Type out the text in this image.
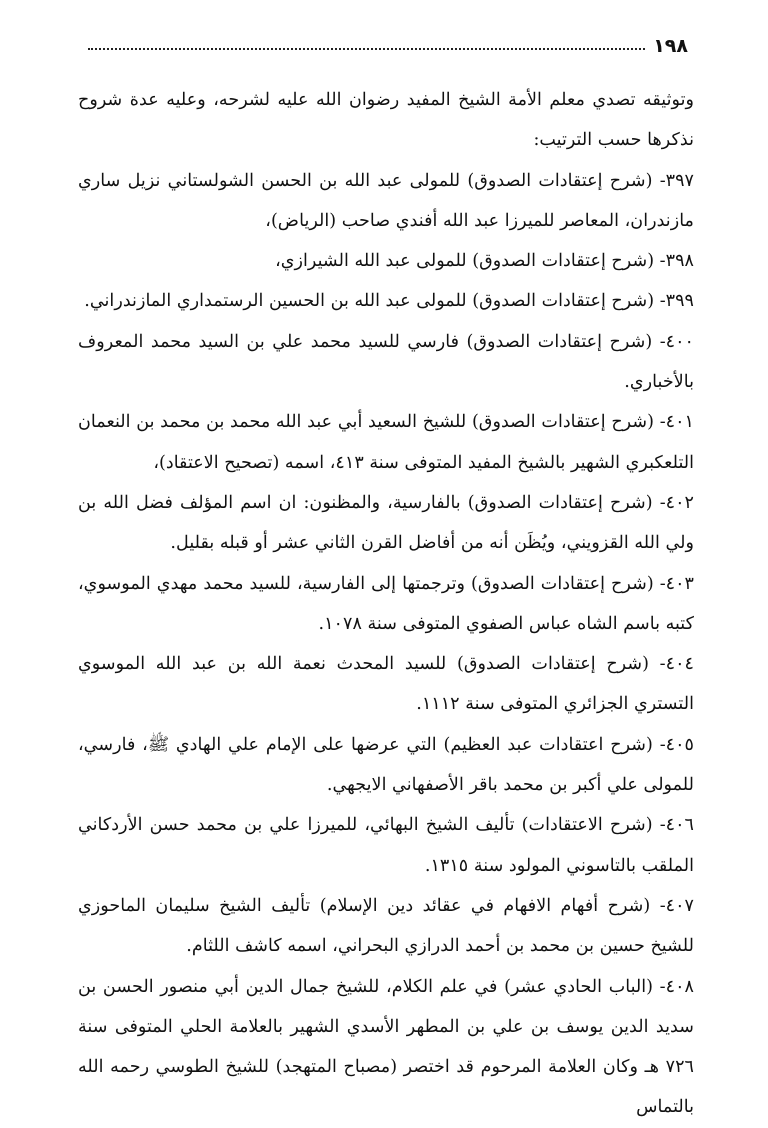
١٩٨

وتوثيقه تصدي معلم الأمة الشيخ المفيد رضوان الله عليه لشرحه، وعليه عدة شروح نذكرها حسب الترتيب:

٣٩٧- (شرح إعتقادات الصدوق) للمولى عبد الله بن الحسن الشولستاني نزيل ساري مازندران، المعاصر للميرزا عبد الله أفندي صاحب (الرياض)،

٣٩٨- (شرح إعتقادات الصدوق) للمولى عبد الله الشيرازي،

٣٩٩- (شرح إعتقادات الصدوق) للمولى عبد الله بن الحسين الرستمداري المازندراني.

٤٠٠- (شرح إعتقادات الصدوق) فارسي للسيد محمد علي بن السيد محمد المعروف بالأخباري.

٤٠١- (شرح إعتقادات الصدوق) للشيخ السعيد أبي عبد الله محمد بن محمد بن النعمان التلعكبري الشهير بالشيخ المفيد المتوفى سنة ٤١٣، اسمه (تصحيح الاعتقاد)،

٤٠٢- (شرح إعتقادات الصدوق) بالفارسية، والمظنون: ان اسم المؤلف فضل الله بن ولي الله القزويني، ويُظَن أنه من أفاضل القرن الثاني عشر أو قبله بقليل.

٤٠٣- (شرح إعتقادات الصدوق) وترجمتها إلى الفارسية، للسيد محمد مهدي الموسوي، كتبه باسم الشاه عباس الصفوي المتوفى سنة ١٠٧٨.

٤٠٤- (شرح إعتقادات الصدوق) للسيد المحدث نعمة الله بن عبد الله الموسوي التستري الجزائري المتوفى سنة ١١١٢.

٤٠٥- (شرح اعتقادات عبد العظيم) التي عرضها على الإمام علي الهادي ﷺ، فارسي، للمولى علي أكبر بن محمد باقر الأصفهاني الايجهي.

٤٠٦- (شرح الاعتقادات) تأليف الشيخ البهائي، للميرزا علي بن محمد حسن الأردكاني الملقب بالتاسوني المولود سنة ١٣١٥.

٤٠٧- (شرح أفهام الافهام في عقائد دين الإسلام) تأليف الشيخ سليمان الماحوزي للشيخ حسين بن محمد بن أحمد الدرازي البحراني، اسمه كاشف اللثام.

٤٠٨- (الباب الحادي عشر) في علم الكلام، للشيخ جمال الدين أبي منصور الحسن بن سديد الدين يوسف بن علي بن المطهر الأسدي الشهير بالعلامة الحلي المتوفى سنة ٧٢٦ هـ وكان العلامة المرحوم قد اختصر (مصباح المتهجد) للشيخ الطوسي رحمه الله بالتماس
